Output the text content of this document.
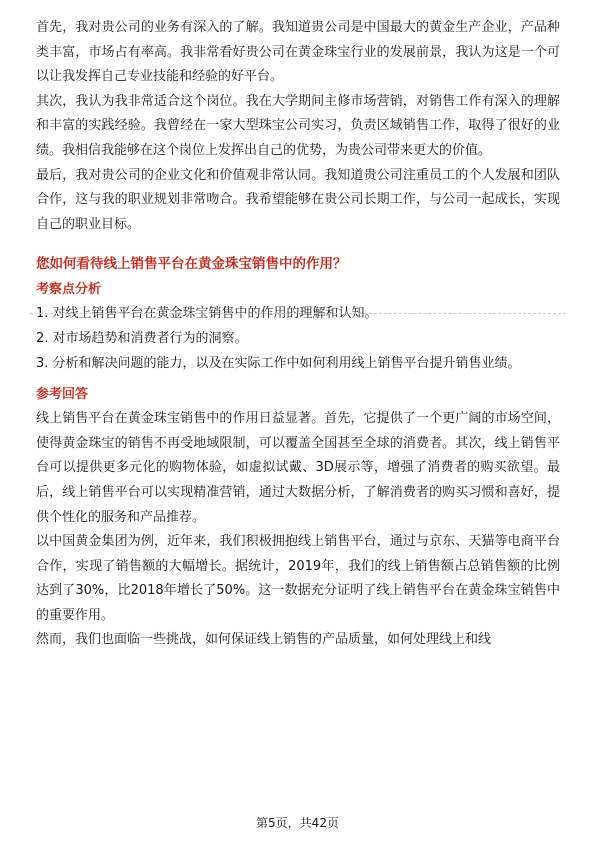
首先，我对贵公司的业务有深入的了解。我知道贵公司是中国最大的黄金生产企业，产品种类丰富，市场占有率高。我非常看好贵公司在黄金珠宝行业的发展前景，我认为这是一个可以让我发挥自己专业技能和经验的好平台。

其次，我认为我非常适合这个岗位。我在大学期间主修市场营销，对销售工作有深入的理解和丰富的实践经验。我曾经在一家大型珠宝公司实习，负责区域销售工作，取得了很好的业绩。我相信我能够在这个岗位上发挥出自己的优势，为贵公司带来更大的价值。

最后，我对贵公司的企业文化和价值观非常认同。我知道贵公司注重员工的个人发展和团队合作，这与我的职业规划非常吻合。我希望能够在贵公司长期工作，与公司一起成长，实现自己的职业目标。

您如何看待线上销售平台在黄金珠宝销售中的作用？
考察点分析

1. 对线上销售平台在黄金珠宝销售中的作用的理解和认知。

2. 对市场趋势和消费者行为的洞察。

3. 分析和解决问题的能力，以及在实际工作中如何利用线上销售平台提升销售业绩。

参考回答

线上销售平台在黄金珠宝销售中的作用日益显著。首先，它提供了一个更广阔的市场空间，使得黄金珠宝的销售不再受地域限制，可以覆盖全国甚至全球的消费者。其次，线上销售平台可以提供更多元化的购物体验，如虚拟试戴、3D展示等，增强了消费者的购买欲望。最后，线上销售平台可以实现精准营销，通过大数据分析，了解消费者的购买习惯和喜好，提供个性化的服务和产品推荐。

以中国黄金集团为例，近年来，我们积极拥抱线上销售平台，通过与京东、天猫等电商平台合作，实现了销售额的大幅增长。据统计，2019年，我们的线上销售额占总销售额的比例达到了30%，比2018年增长了50%。这一数据充分证明了线上销售平台在黄金珠宝销售中的重要作用。

然而，我们也面临一些挑战，如何保证线上销售的产品质量，如何处理线上和线

第5页，共42页
